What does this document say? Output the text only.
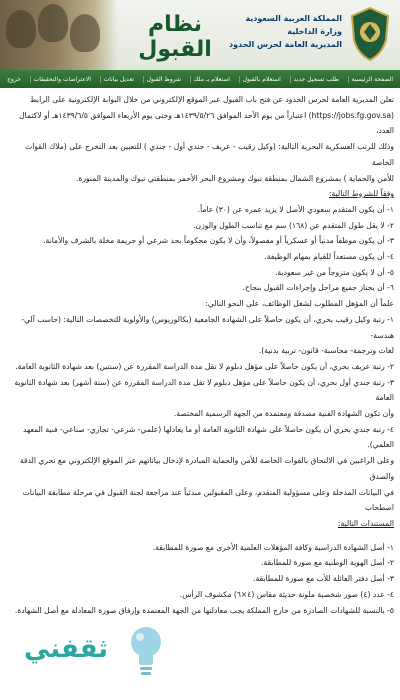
نظام القبول
المملكة العربية السعودية
وزارة الداخلية
المديرية العامة لحرس الحدود
الصفحة الرئيسية
طلب تسجيل جديد
استعلام بالقبول
استعلام بـ ملك
شروط القبول
تعديل بيانات
الاعتراضات والتحقيقات
خروج

تعلن المديرية العامة لحرس الحدود عن فتح باب القبول عبر الموقع الإلكتروني من خلال البوابة الإلكترونية على الرابط

(https://jobs.fg.gov.sa) اعتباراً من يوم الأحد الموافق ١٤٣٩/٥/٢٦هـ وحتى يوم الأربعاء الموافق ١٤٣٩/٦/٥هـ أو لاكتمال العدد،

وذلك للرتب العسكرية البحرية التالية: (وكيل رقيب - عريف - جندي أول - جندي ) للتعيين بعد التخرج على (ملاك القوات الخاصة

للأمن والحماية ) بمشروع الشمال بمنطقة تبوك ومشروع البحر الأحمر بمنطقتي تبوك والمدينة المنورة.

وفقاً للشروط التالية:

١- أن يكون المتقدم سعودي الأصل لا يزيد عمره عن (٣٠) عاماً.

٢- لا يقل طول المتقدم عن (١٦٨) سم مع تناسب الطول والوزن.

٣- أن يكون موظفاً مدنياً أو عسكرياً أو مفصولاً، وأن لا يكون محكوماً بحد شرعي أو جريمة مخلة بالشرف والأمانة.

٤- أن يكون مستعداً للقيام بمهام الوظيفة.

٥- أن لا يكون متزوجاً من غير سعودية.

٦- أن يجتاز جميع مراحل وإجراءات القبول بنجاح.

علماً أن المؤهل المطلوب لشغل الوظائف، على النحو التالي:

١- رتبة وكيل رقيب بحري، أن يكون حاصلاً على الشهادة الجامعية (بكالوريوس) والأولوية للتخصصات التالية: (حاسب آلي- هندسة-

لغات وترجمة- محاسبة- قانون- تربية بدنية).

٢- رتبة عريف بحري، أن يكون حاصلاً على مؤهل دبلوم لا تقل مدة الدراسة المقررة عن (سنتين) بعد شهادة الثانوية العامة.

٣- رتبة جندي أول بحري، أن يكون حاصلاً على مؤهل دبلوم لا تقل مدة الدراسة المقررة عن (ستة أشهر) بعد شهادة الثانوية العامة

وأن تكون الشهادة الفنية مصدقة ومعتمدة من الجهة الرسمية المختصة.

٤- رتبة جندي بحري أن يكون حاصلاً على شهادة الثانوية العامة أو ما يعادلها (علمي- شرعي- تجاري- صناعي- فنية المعهد العلمي).

وعلى الراغبين في الالتحاق بالقوات الخاصة للأمن والحماية المبادرة لإدخال بياناتهم عبر الموقع الإلكتروني مع تحري الدقة والصدق

في البيانات المدخلة وعلى مسؤولية المتقدم، وعلى المقبولين مبدئياً عند مراجعة لجنة القبول في مرحلة مطابقة البيانات اصطحاب

المستندات التالية:

١- أصل الشهادة الدراسية وكافة المؤهلات العلمية الأخرى مع صورة للمطابقة.

٢- أصل الهوية الوطنية مع صورة للمطابقة.

٣- أصل دفتر العائلة للأب مع صورة للمطابقة.

٤- عدد (٤) صور شخصية ملونة حديثة مقاس (٤×٦) مكشوف الرأس.

٥- بالنسبة للشهادات الصادرة من خارج المملكة يجب معادلتها من الجهة المعتمدة وإرفاق صورة المعادلة مع أصل الشهادة.

ثقفني
